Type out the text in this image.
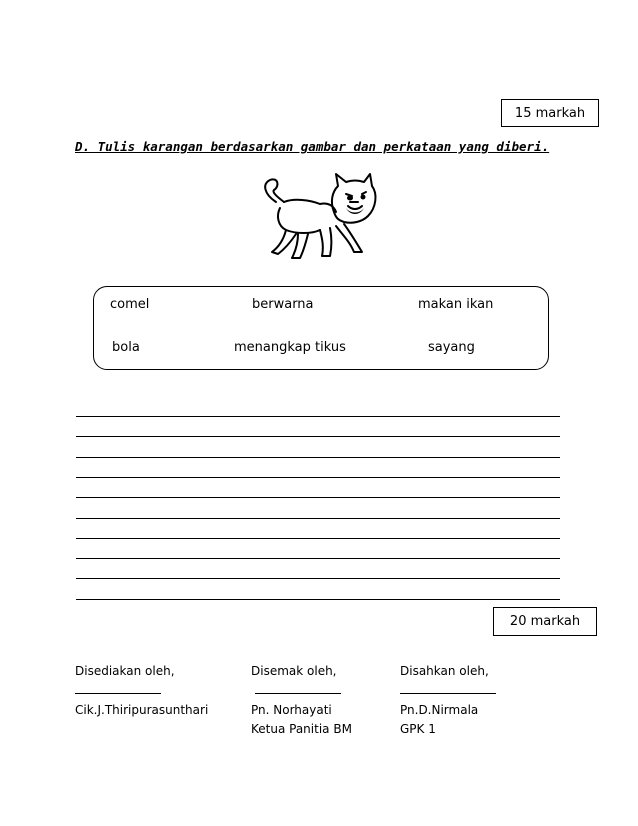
15 markah
D. Tulis karangan berdasarkan gambar dan perkataan yang diberi.
comel	berwarna	makan ikan
bola	menangkap tikus	sayang
20 markah
Disediakan oleh,
Cik.J.Thiripurasunthari
Disemak oleh,
Pn. Norhayati
Ketua Panitia BM
Disahkan oleh,
Pn.D.Nirmala
GPK 1
